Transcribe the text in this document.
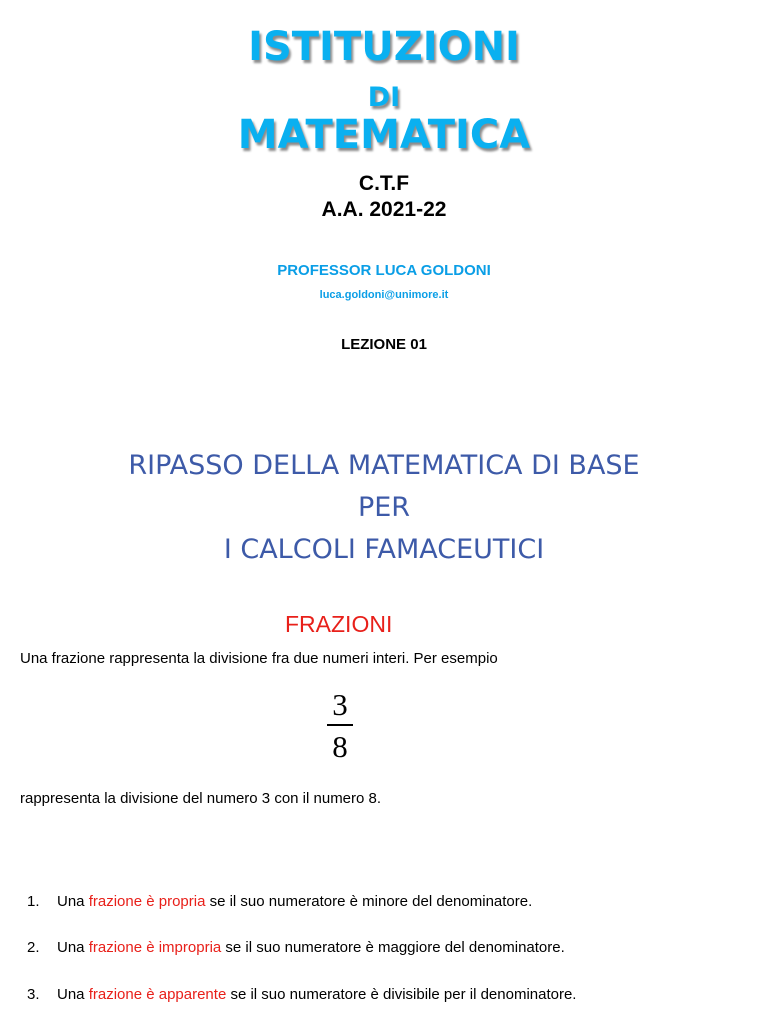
ISTITUZIONI
DI
MATEMATICA
C.T.F
A.A. 2021-22
PROFESSOR LUCA GOLDONI
luca.goldoni@unimore.it
LEZIONE 01
RIPASSO DELLA MATEMATICA DI BASE
PER
I CALCOLI FAMACEUTICI
FRAZIONI
Una frazione rappresenta la divisione fra due numeri interi. Per esempio
3
8
rappresenta la divisione del numero 3 con il numero 8.
1. Una frazione è propria se il suo numeratore è minore del denominatore.
2. Una frazione è impropria se il suo numeratore è maggiore del denominatore.
3. Una frazione è apparente se il suo numeratore è divisibile per il denominatore.
